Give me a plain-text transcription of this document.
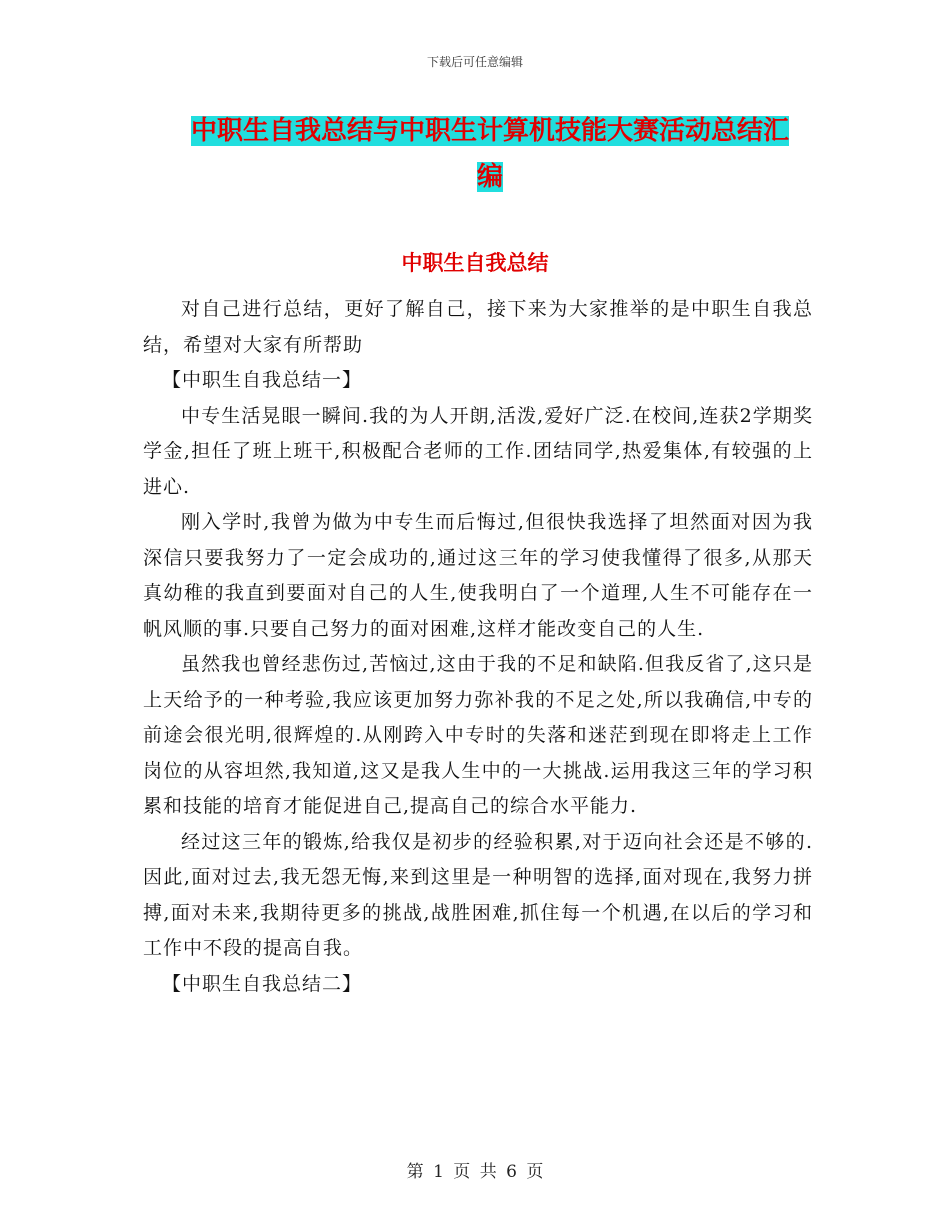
下载后可任意编辑
中职生自我总结与中职生计算机技能大赛活动总结汇
编
中职生自我总结

对自己进行总结，更好了解自己，接下来为大家推举的是中职生自我总结，希望对大家有所帮助

【中职生自我总结一】

中专生活晃眼一瞬间.我的为人开朗,活泼,爱好广泛.在校间,连获2学期奖学金,担任了班上班干,积极配合老师的工作.团结同学,热爱集体,有较强的上进心.

刚入学时,我曾为做为中专生而后悔过,但很快我选择了坦然面对因为我深信只要我努力了一定会成功的,通过这三年的学习使我懂得了很多,从那天真幼稚的我直到要面对自己的人生,使我明白了一个道理,人生不可能存在一帆风顺的事.只要自己努力的面对困难,这样才能改变自己的人生.

虽然我也曾经悲伤过,苦恼过,这由于我的不足和缺陷.但我反省了,这只是上天给予的一种考验,我应该更加努力弥补我的不足之处,所以我确信,中专的前途会很光明,很辉煌的.从刚跨入中专时的失落和迷茫到现在即将走上工作岗位的从容坦然,我知道,这又是我人生中的一大挑战.运用我这三年的学习积累和技能的培育才能促进自己,提高自己的综合水平能力.

经过这三年的锻炼,给我仅是初步的经验积累,对于迈向社会还是不够的.因此,面对过去,我无怨无悔,来到这里是一种明智的选择,面对现在,我努力拼搏,面对未来,我期待更多的挑战,战胜困难,抓住每一个机遇,在以后的学习和工作中不段的提高自我。

【中职生自我总结二】

第 1 页 共 6 页
